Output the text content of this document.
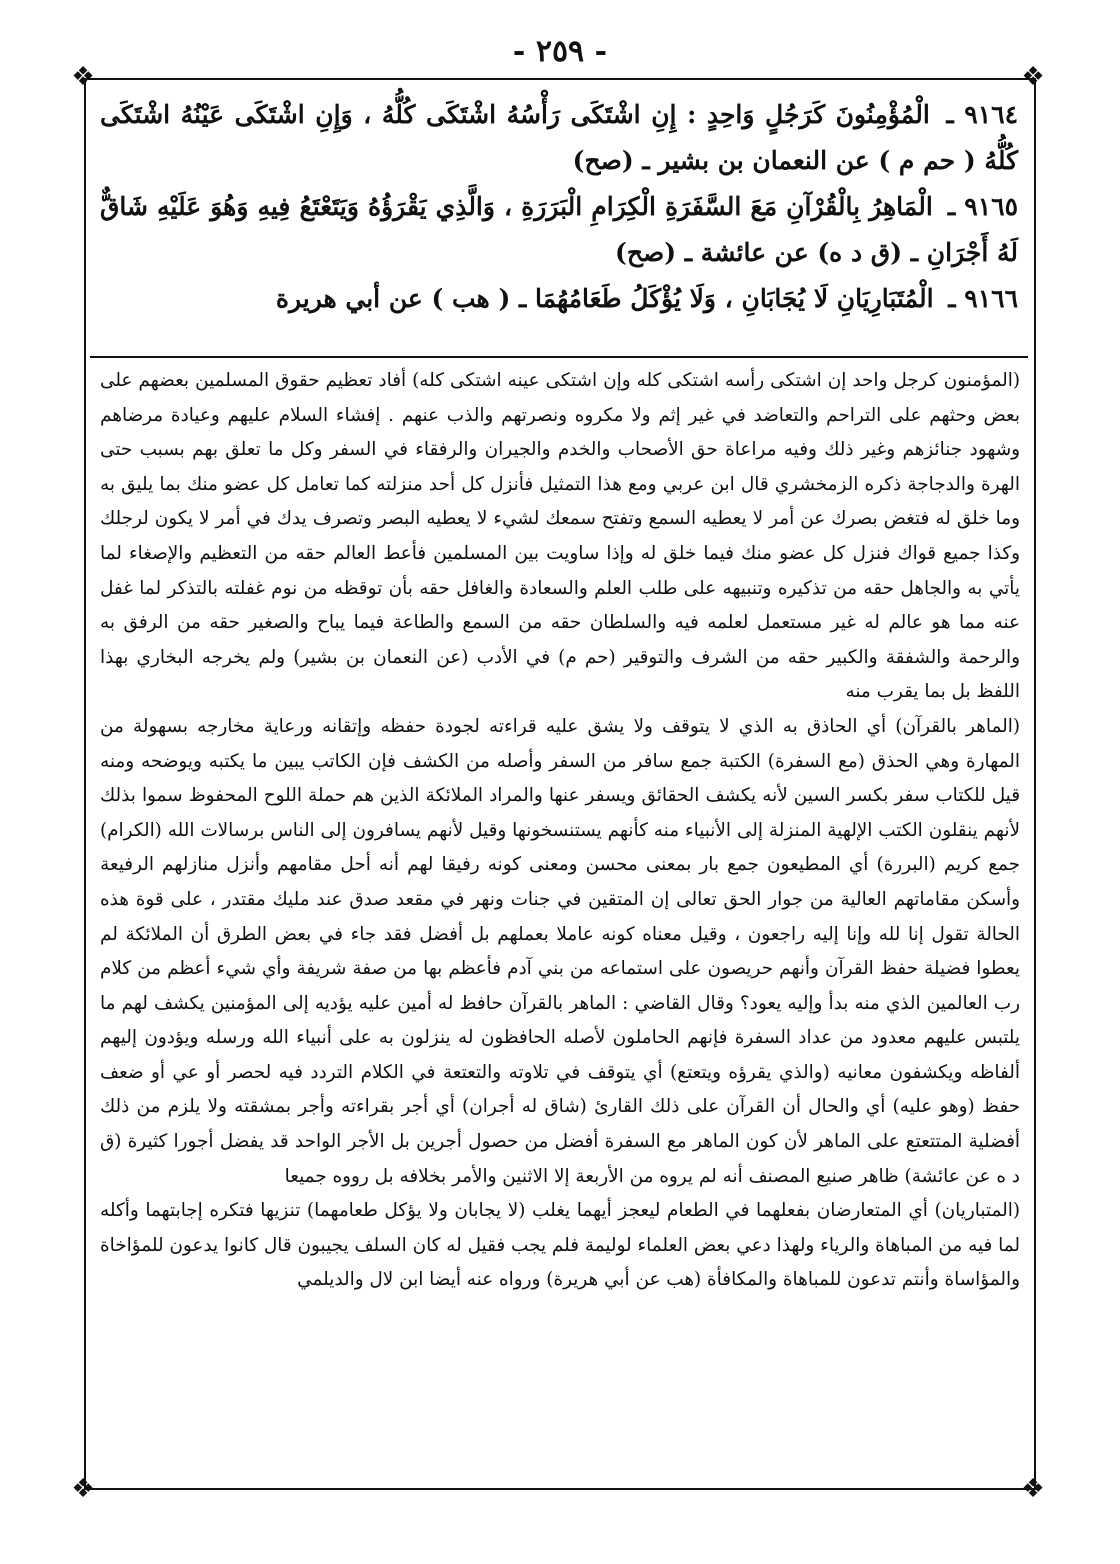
- ٢٥٩ -
❖	❖
❖	❖

٩١٦٤ ـ الْمُؤْمِنُونَ كَرَجُلٍ وَاحِدٍ : إِنِ اشْتَكَى رَأْسُهُ اشْتَكَى كُلُّهُ ، وَإِنِ اشْتَكَى عَيْنُهُ اشْتَكَى كُلُّهُ ( حم م ) عن النعمان بن بشير ـ (صح)

٩١٦٥ ـ الْمَاهِرُ بِالْقُرْآنِ مَعَ السَّفَرَةِ الْكِرَامِ الْبَرَرَةِ ، وَالَّذِي يَقْرَؤُهُ وَيَتَعْتَعُ فِيهِ وَهُوَ عَلَيْهِ شَاقٌّ لَهُ أَجْرَانِ ـ (ق د ه) عن عائشة ـ (صح)

٩١٦٦ ـ الْمُتَبَارِيَانِ لَا يُجَابَانِ ، وَلَا يُؤْكَلُ طَعَامُهُمَا ـ ( هب ) عن أبي هريرة

(المؤمنون كرجل واحد إن اشتكى رأسه اشتكى كله وإن اشتكى عينه اشتكى كله) أفاد تعظيم حقوق المسلمين بعضهم على بعض وحثهم على التراحم والتعاضد في غير إثم ولا مكروه ونصرتهم والذب عنهم . إفشاء السلام عليهم وعيادة مرضاهم وشهود جنائزهم وغير ذلك وفيه مراعاة حق الأصحاب والخدم والجيران والرفقاء في السفر وكل ما تعلق بهم بسبب حتى الهرة والدجاجة ذكره الزمخشري قال ابن عربي ومع هذا التمثيل فأنزل كل أحد منزلته كما تعامل كل عضو منك بما يليق به وما خلق له فتغض بصرك عن أمر لا يعطيه السمع وتفتح سمعك لشيء لا يعطيه البصر وتصرف يدك في أمر لا يكون لرجلك وكذا جميع قواك فنزل كل عضو منك فيما خلق له وإذا ساويت بين المسلمين فأعط العالم حقه من التعظيم والإصغاء لما يأتي به والجاهل حقه من تذكيره وتنبيهه على طلب العلم والسعادة والغافل حقه بأن توقظه من نوم غفلته بالتذكر لما غفل عنه مما هو عالم له غير مستعمل لعلمه فيه والسلطان حقه من السمع والطاعة فيما يباح والصغير حقه من الرفق به والرحمة والشفقة والكبير حقه من الشرف والتوقير (حم م) في الأدب (عن النعمان بن بشير) ولم يخرجه البخاري بهذا اللفظ بل بما يقرب منه

(الماهر بالقرآن) أي الحاذق به الذي لا يتوقف ولا يشق عليه قراءته لجودة حفظه وإتقانه ورعاية مخارجه بسهولة من المهارة وهي الحذق (مع السفرة) الكتبة جمع سافر من السفر وأصله من الكشف فإن الكاتب يبين ما يكتبه ويوضحه ومنه قيل للكتاب سفر بكسر السين لأنه يكشف الحقائق ويسفر عنها والمراد الملائكة الذين هم حملة اللوح المحفوظ سموا بذلك لأنهم ينقلون الكتب الإلهية المنزلة إلى الأنبياء منه كأنهم يستنسخونها وقيل لأنهم يسافرون إلى الناس برسالات الله (الكرام) جمع كريم (البررة) أي المطيعون جمع بار بمعنى محسن ومعنى كونه رفيقا لهم أنه أحل مقامهم وأنزل منازلهم الرفيعة وأسكن مقاماتهم العالية من جوار الحق تعالى إن المتقين في جنات ونهر في مقعد صدق عند مليك مقتدر ، على قوة هذه الحالة تقول إنا لله وإنا إليه راجعون ، وقيل معناه كونه عاملا بعملهم بل أفضل فقد جاء في بعض الطرق أن الملائكة لم يعطوا فضيلة حفظ القرآن وأنهم حريصون على استماعه من بني آدم فأعظم بها من صفة شريفة وأي شيء أعظم من كلام رب العالمين الذي منه بدأ وإليه يعود؟ وقال القاضي : الماهر بالقرآن حافظ له أمين عليه يؤديه إلى المؤمنين يكشف لهم ما يلتبس عليهم معدود من عداد السفرة فإنهم الحاملون لأصله الحافظون له ينزلون به على أنبياء الله ورسله ويؤدون إليهم ألفاظه ويكشفون معانيه (والذي يقرؤه ويتعتع) أي يتوقف في تلاوته والتعتعة في الكلام التردد فيه لحصر أو عي أو ضعف حفظ (وهو عليه) أي والحال أن القرآن على ذلك القارئ (شاق له أجران) أي أجر بقراءته وأجر بمشقته ولا يلزم من ذلك أفضلية المتتعتع على الماهر لأن كون الماهر مع السفرة أفضل من حصول أجرين بل الأجر الواحد قد يفضل أجورا كثيرة (ق د ه عن عائشة) ظاهر صنيع المصنف أنه لم يروه من الأربعة إلا الاثنين والأمر بخلافه بل رووه جميعا

(المتباريان) أي المتعارضان بفعلهما في الطعام ليعجز أيهما يغلب (لا يجابان ولا يؤكل طعامهما) تنزيها فتكره إجابتهما وأكله لما فيه من المباهاة والرياء ولهذا دعي بعض العلماء لوليمة فلم يجب فقيل له كان السلف يجيبون قال كانوا يدعون للمؤاخاة والمؤاساة وأنتم تدعون للمباهاة والمكافأة (هب عن أبي هريرة) ورواه عنه أيضا ابن لال والديلمي
